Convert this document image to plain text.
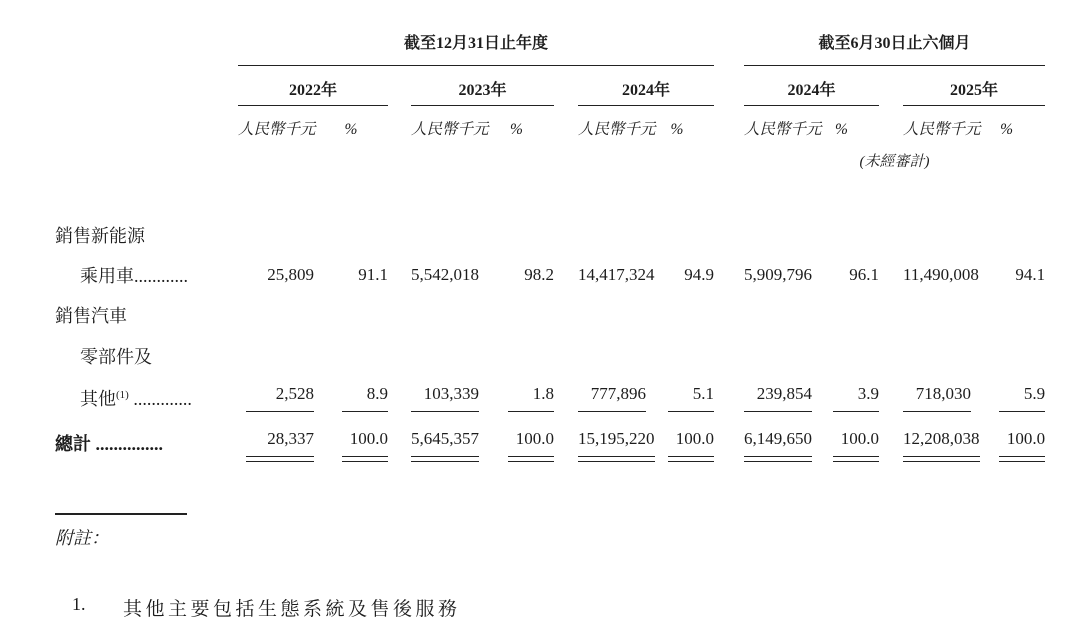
	截至12月31日止年度									截至6月30日止六個月				
	2022年			2023年			2024年			2024年			2025年	
	人民幣千元	%		人民幣千元	%		人民幣千元	%		人民幣千元	%		人民幣千元	%
										(未經審計)				

銷售新能源														
乘用車............	25,809	91.1		5,542,018	98.2		14,417,324	94.9		5,909,796	96.1		11,490,008	94.1
銷售汽車														
零部件及														
其他$^{(1)}$ .............	2,528	8.9		103,339	1.8		777,896	5.1		239,854	3.9		718,030	5.9
總計 ...............	28,337	100.0		5,645,357	100.0		15,195,220	100.0		6,149,650	100.0		12,208,038	100.0
附註：
1.	其他主要包括生態系統及售後服務
